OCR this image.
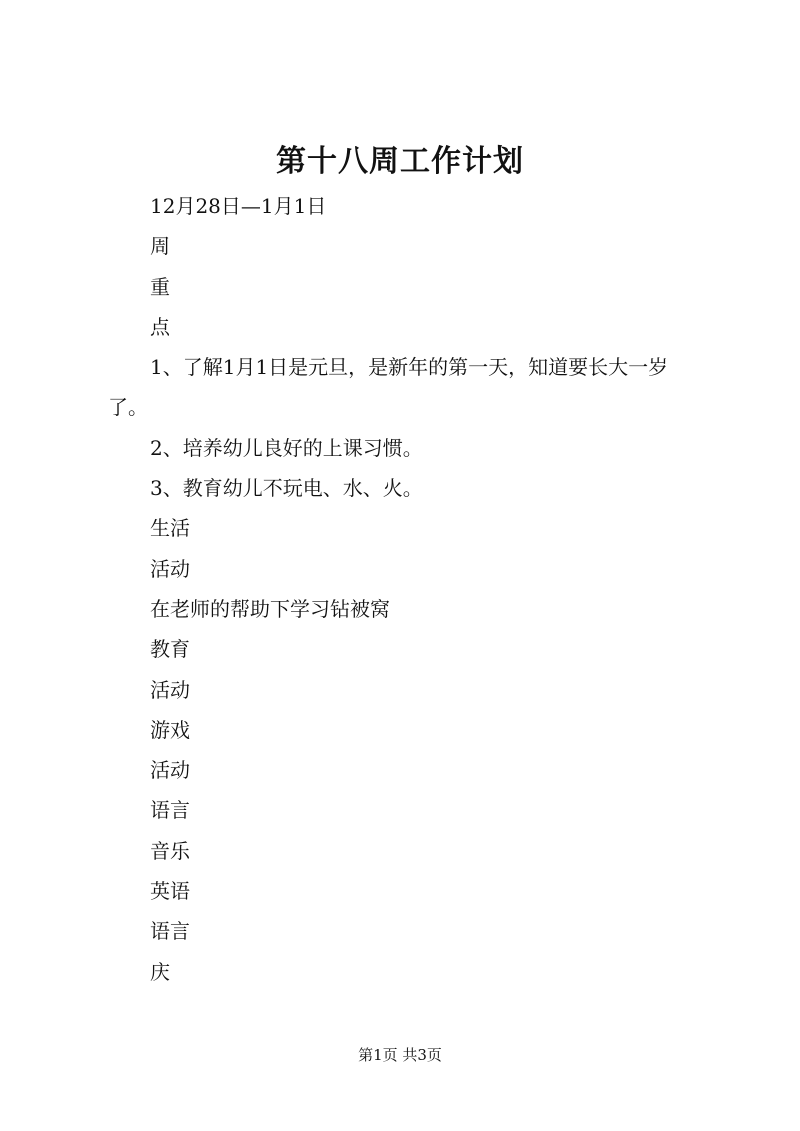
第十八周工作计划

12月28日—1月1日

周

重

点

1、了解1月1日是元旦，是新年的第一天，知道要长大一岁了。

2、培养幼儿良好的上课习惯。

3、教育幼儿不玩电、水、火。

生活

活动

在老师的帮助下学习钻被窝

教育

活动

游戏

活动

语言

音乐

英语

语言

庆

第1页 共3页
